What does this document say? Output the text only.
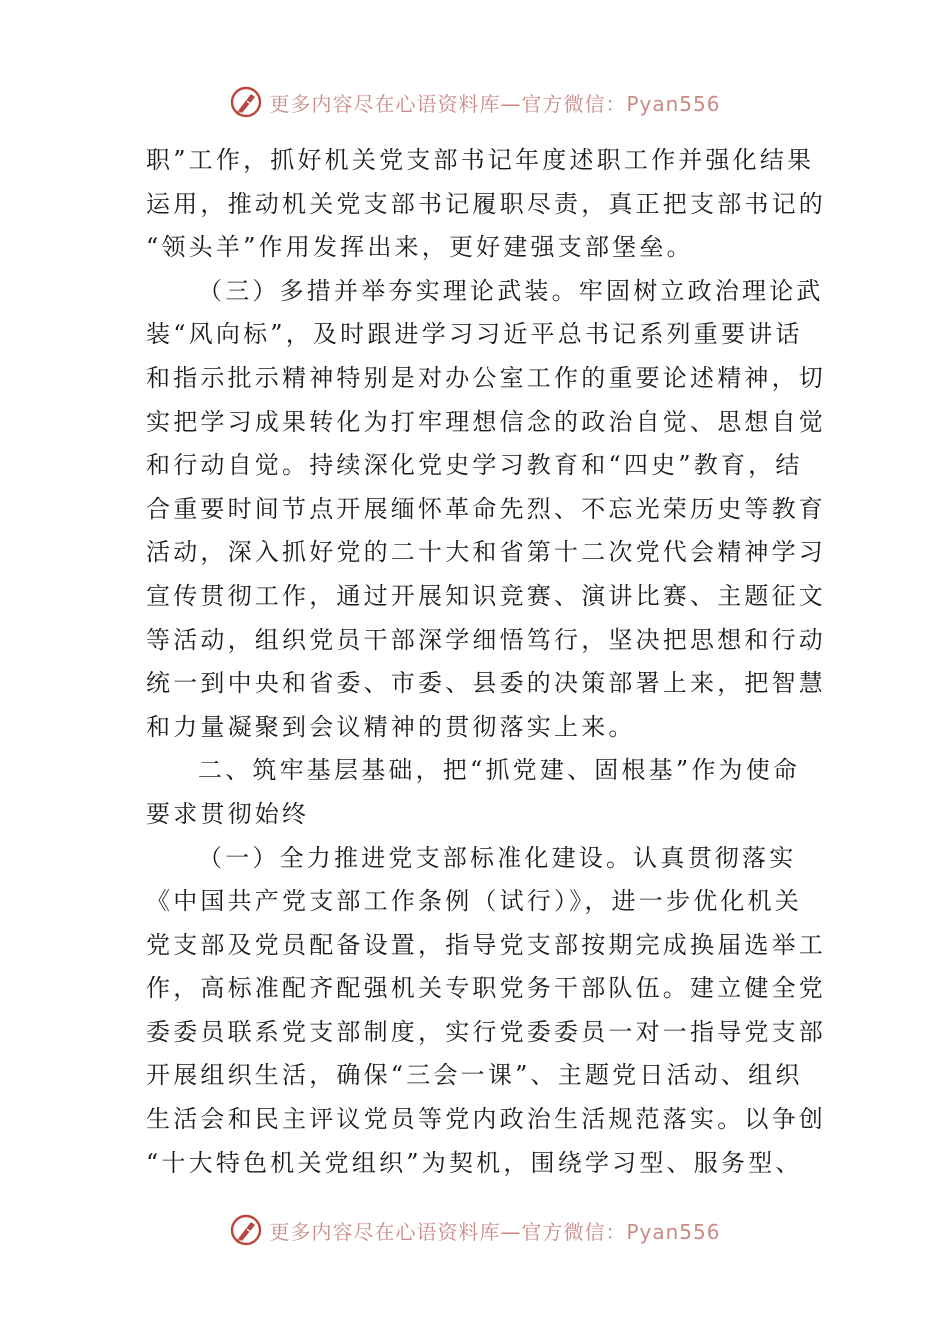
更多内容尽在心语资料库—官方微信：Pyan556
职”工作，抓好机关党支部书记年度述职工作并强化结果
运用，推动机关党支部书记履职尽责，真正把支部书记的
“领头羊”作用发挥出来，更好建强支部堡垒。
（三）多措并举夯实理论武装。牢固树立政治理论武
装“风向标”，及时跟进学习习近平总书记系列重要讲话
和指示批示精神特别是对办公室工作的重要论述精神，切
实把学习成果转化为打牢理想信念的政治自觉、思想自觉
和行动自觉。持续深化党史学习教育和“四史”教育，结
合重要时间节点开展缅怀革命先烈、不忘光荣历史等教育
活动，深入抓好党的二十大和省第十二次党代会精神学习
宣传贯彻工作，通过开展知识竞赛、演讲比赛、主题征文
等活动，组织党员干部深学细悟笃行，坚决把思想和行动
统一到中央和省委、市委、县委的决策部署上来，把智慧
和力量凝聚到会议精神的贯彻落实上来。
二、筑牢基层基础，把“抓党建、固根基”作为使命
要求贯彻始终
（一）全力推进党支部标准化建设。认真贯彻落实
《中国共产党支部工作条例（试行）》，进一步优化机关
党支部及党员配备设置，指导党支部按期完成换届选举工
作，高标准配齐配强机关专职党务干部队伍。建立健全党
委委员联系党支部制度，实行党委委员一对一指导党支部
开展组织生活，确保“三会一课”、主题党日活动、组织
生活会和民主评议党员等党内政治生活规范落实。以争创
“十大特色机关党组织”为契机，围绕学习型、服务型、
更多内容尽在心语资料库—官方微信：Pyan556
